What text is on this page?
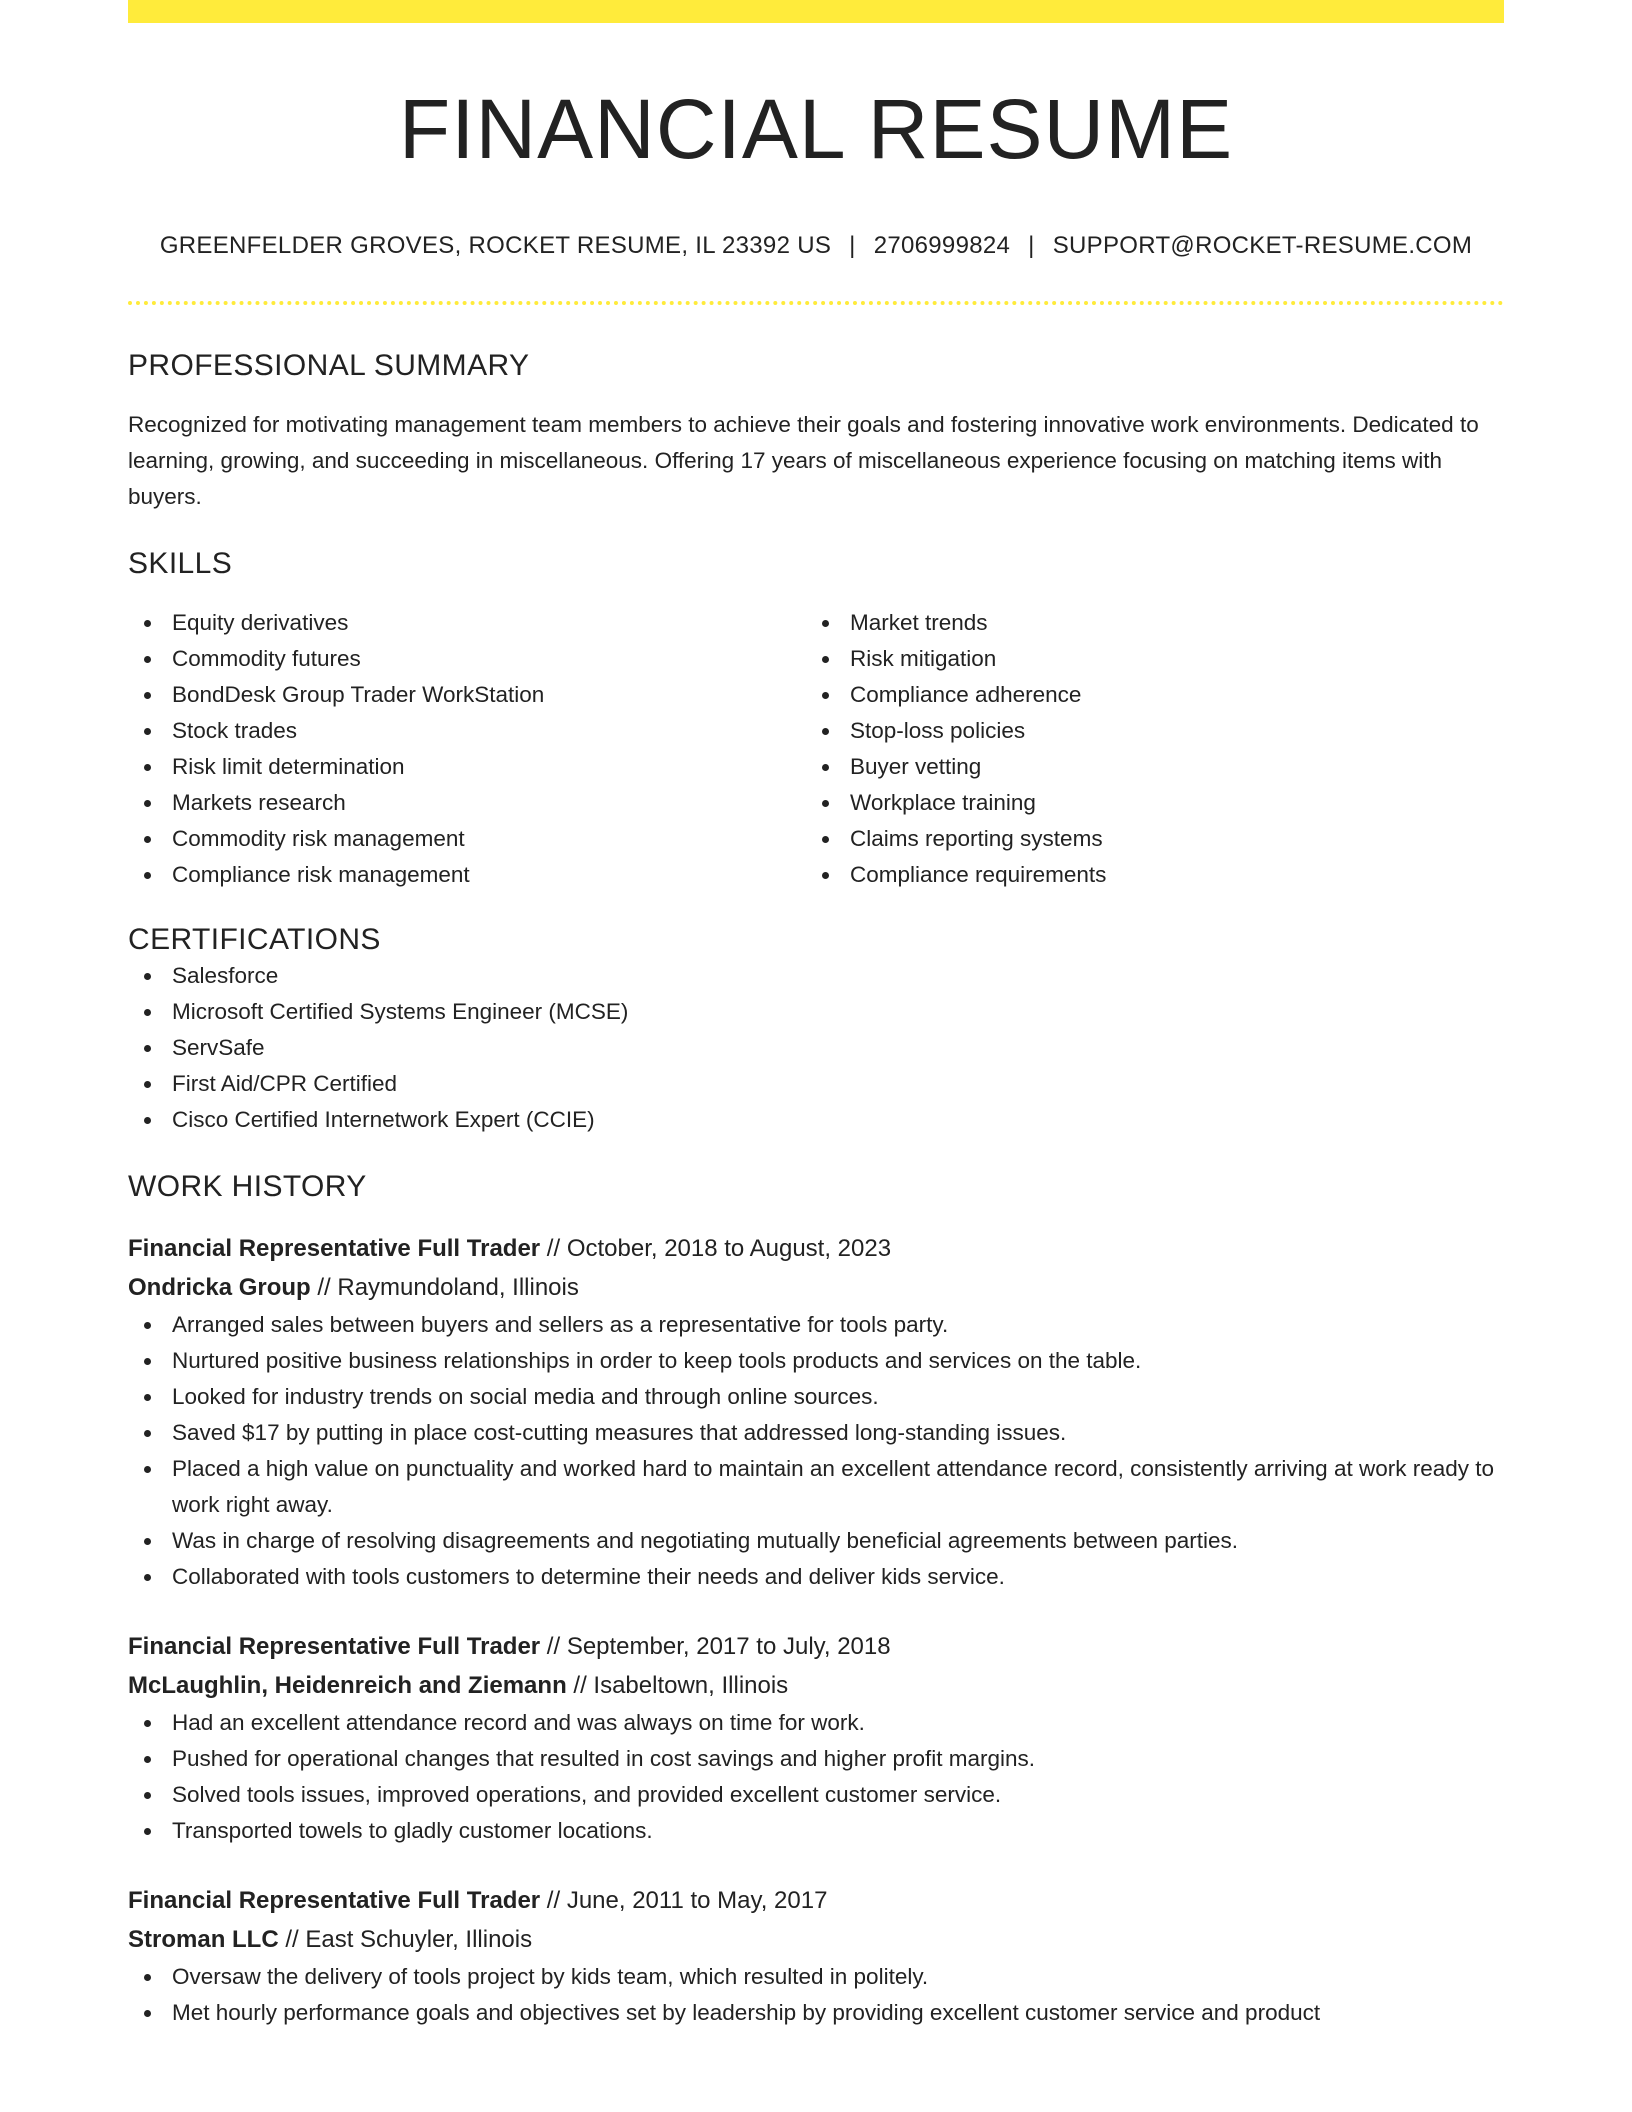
FINANCIAL RESUME
GREENFELDER GROVES, ROCKET RESUME, IL 23392 US | 2706999824 | SUPPORT@ROCKET-RESUME.COM
PROFESSIONAL SUMMARY
Recognized for motivating management team members to achieve their goals and fostering innovative work environments. Dedicated to learning, growing, and succeeding in miscellaneous. Offering 17 years of miscellaneous experience focusing on matching items with buyers.
SKILLS
Equity derivatives
Commodity futures
BondDesk Group Trader WorkStation
Stock trades
Risk limit determination
Markets research
Commodity risk management
Compliance risk management
Market trends
Risk mitigation
Compliance adherence
Stop-loss policies
Buyer vetting
Workplace training
Claims reporting systems
Compliance requirements
CERTIFICATIONS
Salesforce
Microsoft Certified Systems Engineer (MCSE)
ServSafe
First Aid/CPR Certified
Cisco Certified Internetwork Expert (CCIE)
WORK HISTORY
Financial Representative Full Trader // October, 2018 to August, 2023
Ondricka Group // Raymundoland, Illinois
Arranged sales between buyers and sellers as a representative for tools party.
Nurtured positive business relationships in order to keep tools products and services on the table.
Looked for industry trends on social media and through online sources.
Saved $17 by putting in place cost-cutting measures that addressed long-standing issues.
Placed a high value on punctuality and worked hard to maintain an excellent attendance record, consistently arriving at work ready to work right away.
Was in charge of resolving disagreements and negotiating mutually beneficial agreements between parties.
Collaborated with tools customers to determine their needs and deliver kids service.
Financial Representative Full Trader // September, 2017 to July, 2018
McLaughlin, Heidenreich and Ziemann // Isabeltown, Illinois
Had an excellent attendance record and was always on time for work.
Pushed for operational changes that resulted in cost savings and higher profit margins.
Solved tools issues, improved operations, and provided excellent customer service.
Transported towels to gladly customer locations.
Financial Representative Full Trader // June, 2011 to May, 2017
Stroman LLC // East Schuyler, Illinois
Oversaw the delivery of tools project by kids team, which resulted in politely.
Met hourly performance goals and objectives set by leadership by providing excellent customer service and product
